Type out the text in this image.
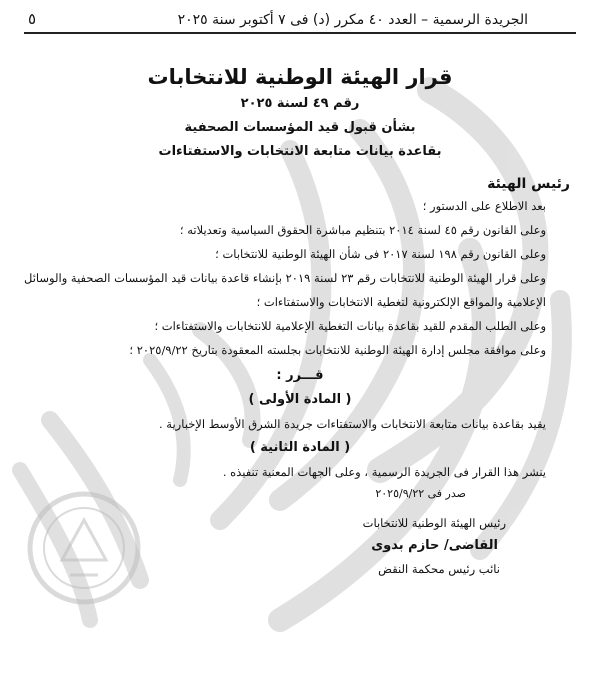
الجريدة الرسمية – العدد ٤٠ مكرر (د) فى ٧ أكتوبر سنة ٢٠٢٥
٥
قرار الهيئة الوطنية للانتخابات
رقم ٤٩ لسنة ٢٠٢٥
بشأن قبول قيد المؤسسات الصحفية
بقاعدة بيانات متابعة الانتخابات والاستفتاءات
رئيس الهيئة
بعد الاطلاع على الدستور ؛
وعلى القانون رقم ٤٥ لسنة ٢٠١٤ بتنظيم مباشرة الحقوق السياسية وتعديلاته ؛
وعلى القانون رقم ١٩٨ لسنة ٢٠١٧ فى شأن الهيئة الوطنية للانتخابات ؛
وعلى قرار الهيئة الوطنية للانتخابات رقم ٢٣ لسنة ٢٠١٩ بإنشاء قاعدة بيانات قيد المؤسسات الصحفية والوسائل الإعلامية والمواقع الإلكترونية لتغطية الانتخابات والاستفتاءات ؛
وعلى الطلب المقدم للقيد بقاعدة بيانات التغطية الإعلامية للانتخابات والاستفتاءات ؛
وعلى موافقة مجلس إدارة الهيئة الوطنية للانتخابات بجلسته المعقودة بتاريخ ٢٠٢٥/٩/٢٢ ؛
قـــرر :
( المادة الأولى )
يقيد بقاعدة بيانات متابعة الانتخابات والاستفتاءات جريدة الشرق الأوسط الإخبارية .
( المادة الثانية )
ينشر هذا القرار فى الجريدة الرسمية ، وعلى الجهات المعنية تنفيذه .
صدر فى ٢٠٢٥/٩/٢٢
رئيس الهيئة الوطنية للانتخابات
القاضى/ حازم بدوى
نائب رئيس محكمة النقض
